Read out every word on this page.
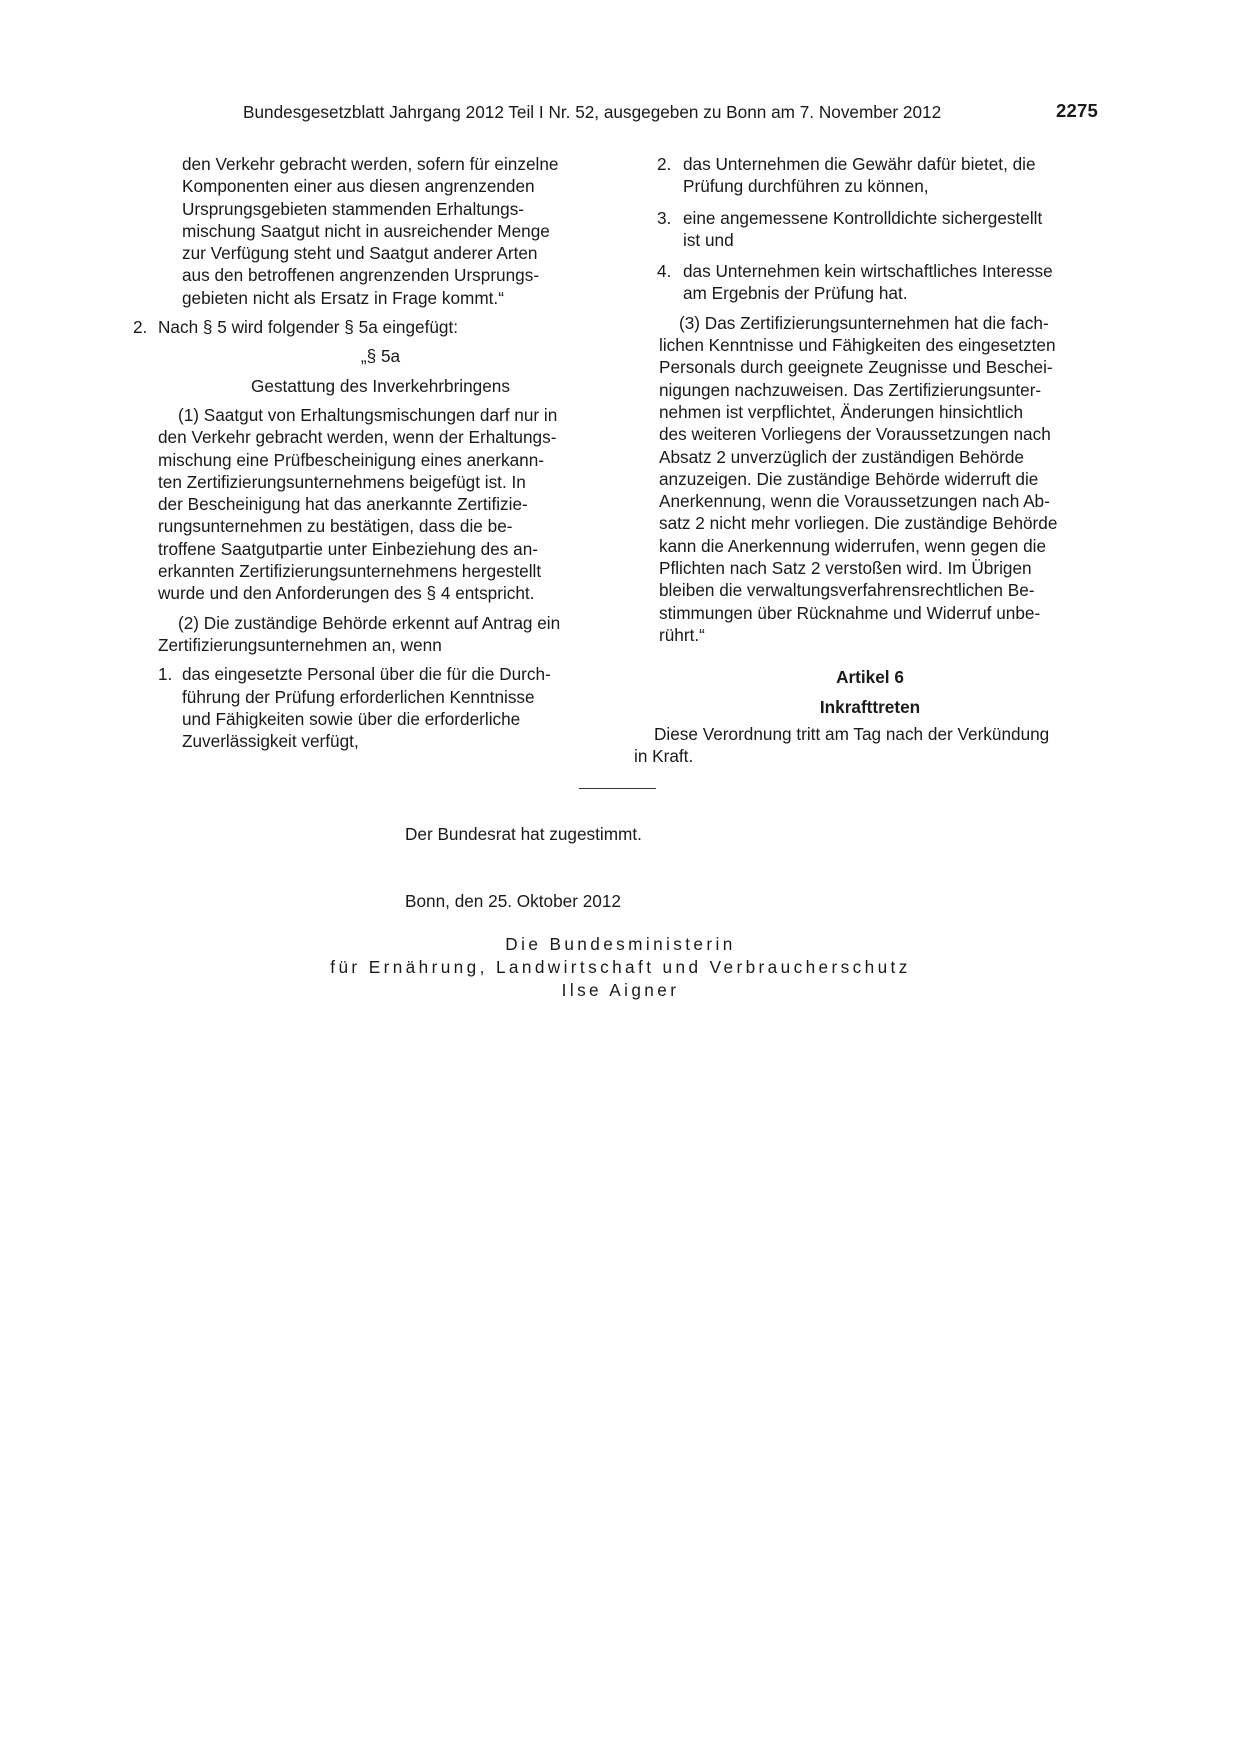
Bundesgesetzblatt Jahrgang 2012 Teil I Nr. 52, ausgegeben zu Bonn am 7. November 2012	2275
den Verkehr gebracht werden, sofern für einzelne
Komponenten einer aus diesen angrenzenden
Ursprungsgebieten stammenden Erhaltungs-
mischung Saatgut nicht in ausreichender Menge
zur Verfügung steht und Saatgut anderer Arten
aus den betroffenen angrenzenden Ursprungs-
gebieten nicht als Ersatz in Frage kommt.“
2. Nach § 5 wird folgender § 5a eingefügt:
„§ 5a
Gestattung des Inverkehrbringens
(1) Saatgut von Erhaltungsmischungen darf nur in
den Verkehr gebracht werden, wenn der Erhaltungs-
mischung eine Prüfbescheinigung eines anerkann-
ten Zertifizierungsunternehmens beigefügt ist. In
der Bescheinigung hat das anerkannte Zertifizie-
rungsunternehmen zu bestätigen, dass die be-
troffene Saatgutpartie unter Einbeziehung des an-
erkannten Zertifizierungsunternehmens hergestellt
wurde und den Anforderungen des § 4 entspricht.
(2) Die zuständige Behörde erkennt auf Antrag ein
Zertifizierungsunternehmen an, wenn
1. das eingesetzte Personal über die für die Durch-
führung der Prüfung erforderlichen Kenntnisse
und Fähigkeiten sowie über die erforderliche
Zuverlässigkeit verfügt,
2. das Unternehmen die Gewähr dafür bietet, die
Prüfung durchführen zu können,
3. eine angemessene Kontrolldichte sichergestellt
ist und
4. das Unternehmen kein wirtschaftliches Interesse
am Ergebnis der Prüfung hat.
(3) Das Zertifizierungsunternehmen hat die fach-
lichen Kenntnisse und Fähigkeiten des eingesetzten
Personals durch geeignete Zeugnisse und Beschei-
nigungen nachzuweisen. Das Zertifizierungsunter-
nehmen ist verpflichtet, Änderungen hinsichtlich
des weiteren Vorliegens der Voraussetzungen nach
Absatz 2 unverzüglich der zuständigen Behörde
anzuzeigen. Die zuständige Behörde widerruft die
Anerkennung, wenn die Voraussetzungen nach Ab-
satz 2 nicht mehr vorliegen. Die zuständige Behörde
kann die Anerkennung widerrufen, wenn gegen die
Pflichten nach Satz 2 verstoßen wird. Im Übrigen
bleiben die verwaltungsverfahrensrechtlichen Be-
stimmungen über Rücknahme und Widerruf unbe-
rührt.“
Artikel 6
Inkrafttreten
Diese Verordnung tritt am Tag nach der Verkündung
in Kraft.
Der Bundesrat hat zugestimmt.
Bonn, den 25. Oktober 2012
Die Bundesministerin
für Ernährung, Landwirtschaft und Verbraucherschutz
Ilse Aigner
